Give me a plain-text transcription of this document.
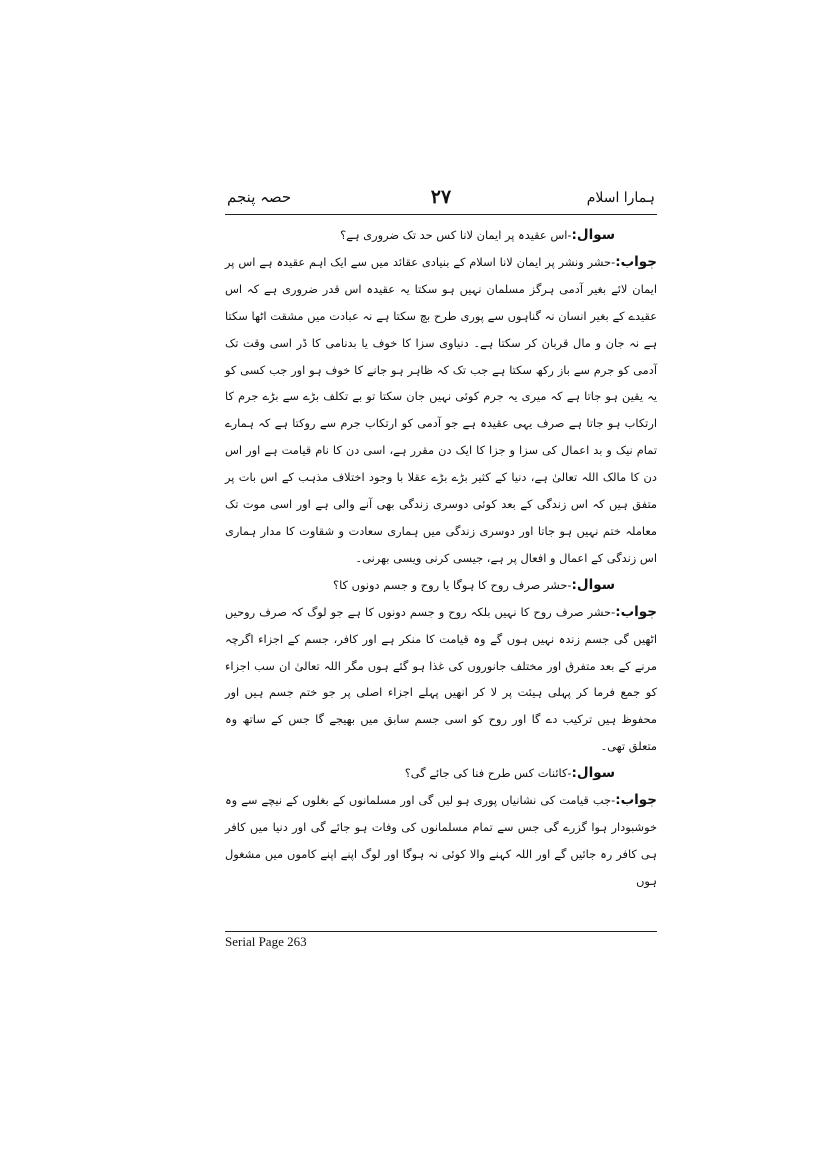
ہمارا اسلام
۲۷
حصہ پنجم

سوال:-اس عقیدہ پر ایمان لانا کس حد تک ضروری ہے؟

جواب:-حشر ونشر پر ایمان لانا اسلام کے بنیادی عقائد میں سے ایک اہم عقیدہ ہے اس پر ایمان لائے بغیر آدمی ہرگز مسلمان نہیں ہو سکتا یہ عقیدہ اس قدر ضروری ہے کہ اس عقیدے کے بغیر انسان نہ گناہوں سے پوری طرح بچ سکتا ہے نہ عبادت میں مشقت اٹھا سکتا ہے نہ جان و مال قربان کر سکتا ہے۔ دنیاوی سزا کا خوف یا بدنامی کا ڈر اسی وقت تک آدمی کو جرم سے باز رکھ سکتا ہے جب تک کہ ظاہر ہو جانے کا خوف ہو اور جب کسی کو یہ یقین ہو جاتا ہے کہ میری یہ جرم کوئی نہیں جان سکتا تو بے تکلف بڑے سے بڑے جرم کا ارتکاب ہو جاتا ہے صرف یہی عقیدہ ہے جو آدمی کو ارتکاب جرم سے روکتا ہے کہ ہمارے تمام نیک و بد اعمال کی سزا و جزا کا ایک دن مقرر ہے، اسی دن کا نام قیامت ہے اور اس دن کا مالک اللہ تعالیٰ ہے، دنیا کے کثیر بڑے بڑے عقلا با وجود اختلاف مذہب کے اس بات پر متفق ہیں کہ اس زندگی کے بعد کوئی دوسری زندگی بھی آنے والی ہے اور اسی موت تک معاملہ ختم نہیں ہو جاتا اور دوسری زندگی میں ہماری سعادت و شقاوت کا مدار ہماری اس زندگی کے اعمال و افعال پر ہے، جیسی کرنی ویسی بھرنی۔

سوال:-حشر صرف روح کا ہوگا یا روح و جسم دونوں کا؟

جواب:-حشر صرف روح کا نہیں بلکہ روح و جسم دونوں کا ہے جو لوگ کہ صرف روحیں اٹھیں گی جسم زندہ نہیں ہوں گے وہ قیامت کا منکر ہے اور کافر، جسم کے اجزاء اگرچہ مرنے کے بعد متفرق اور مختلف جانوروں کی غذا ہو گئے ہوں مگر اللہ تعالیٰ ان سب اجزاء کو جمع فرما کر پہلی ہیئت پر لا کر انھیں پہلے اجزاء اصلی پر جو ختم جسم ہیں اور محفوظ ہیں ترکیب دے گا اور روح کو اسی جسم سابق میں بھیجے گا جس کے ساتھ وہ متعلق تھی۔

سوال:-کائنات کس طرح فنا کی جائے گی؟

جواب:-جب قیامت کی نشانیاں پوری ہو لیں گی اور مسلمانوں کے بغلوں کے نیچے سے وہ خوشبودار ہوا گزرے گی جس سے تمام مسلمانوں کی وفات ہو جائے گی اور دنیا میں کافر ہی کافر رہ جائیں گے اور اللہ کہنے والا کوئی نہ ہوگا اور لوگ اپنے اپنے کاموں میں مشغول ہوں

Serial Page 263
